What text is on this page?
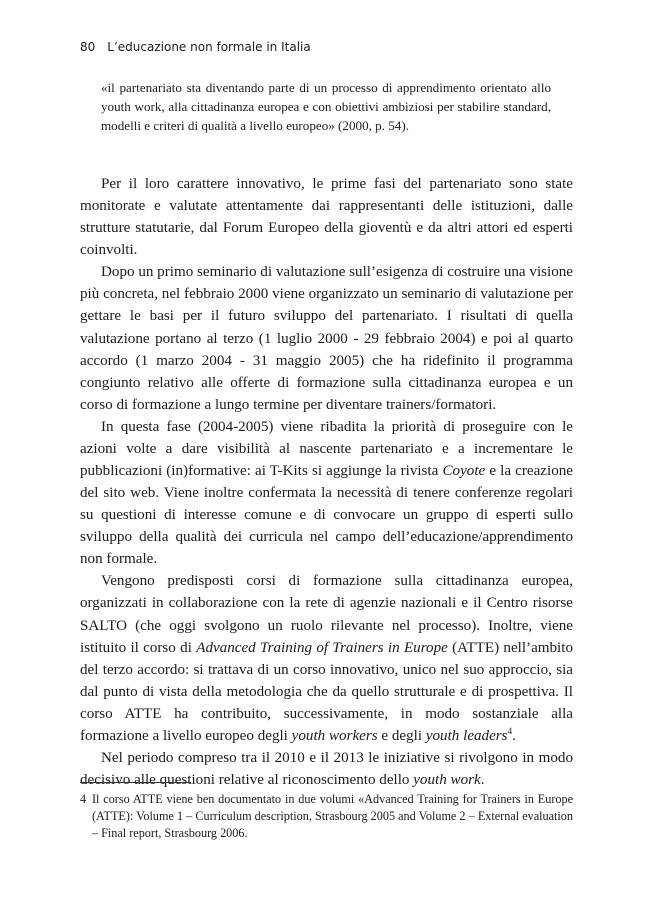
80 L’educazione non formale in Italia
«il partenariato sta diventando parte di un processo di apprendimento orientato allo youth work, alla cittadinanza europea e con obiettivi ambiziosi per stabilire standard, modelli e criteri di qualità a livello europeo» (2000, p. 54).

Per il loro carattere innovativo, le prime fasi del partenariato sono state monitorate e valutate attentamente dai rappresentanti delle istituzioni, dalle strutture statutarie, dal Forum Europeo della gioventù e da altri attori ed esperti coinvolti.

Dopo un primo seminario di valutazione sull’esigenza di costruire una visione più concreta, nel febbraio 2000 viene organizzato un seminario di valutazione per gettare le basi per il futuro sviluppo del partenariato. I risultati di quella valutazione portano al terzo (1 luglio 2000 - 29 febbraio 2004) e poi al quarto accordo (1 marzo 2004 - 31 maggio 2005) che ha ridefinito il programma congiunto relativo alle offerte di formazione sulla cittadinanza europea e un corso di formazione a lungo termine per diventare trainers/formatori.

In questa fase (2004-2005) viene ribadita la priorità di proseguire con le azioni volte a dare visibilità al nascente partenariato e a incrementare le pubblicazioni (in)formative: ai T-Kits si aggiunge la rivista Coyote e la creazione del sito web. Viene inoltre confermata la necessità di tenere conferenze regolari su questioni di interesse comune e di convocare un gruppo di esperti sullo sviluppo della qualità dei curricula nel campo dell’educazione/apprendimento non formale.

Vengono predisposti corsi di formazione sulla cittadinanza europea, organizzati in collaborazione con la rete di agenzie nazionali e il Centro risorse SALTO (che oggi svolgono un ruolo rilevante nel processo). Inoltre, viene istituito il corso di Advanced Training of Trainers in Europe (ATTE) nell’ambito del terzo accordo: si trattava di un corso innovativo, unico nel suo approccio, sia dal punto di vista della metodologia che da quello strutturale e di prospettiva. Il corso ATTE ha contribuito, successivamente, in modo sostanziale alla formazione a livello europeo degli youth workers e degli youth leaders$^4$.

Nel periodo compreso tra il 2010 e il 2013 le iniziative si rivolgono in modo decisivo alle questioni relative al riconoscimento dello youth work.

4 Il corso ATTE viene ben documentato in due volumi «Advanced Training for Trainers in Europe (ATTE): Volume 1 – Curriculum description, Strasbourg 2005 and Volume 2 – External evaluation – Final report, Strasbourg 2006.
